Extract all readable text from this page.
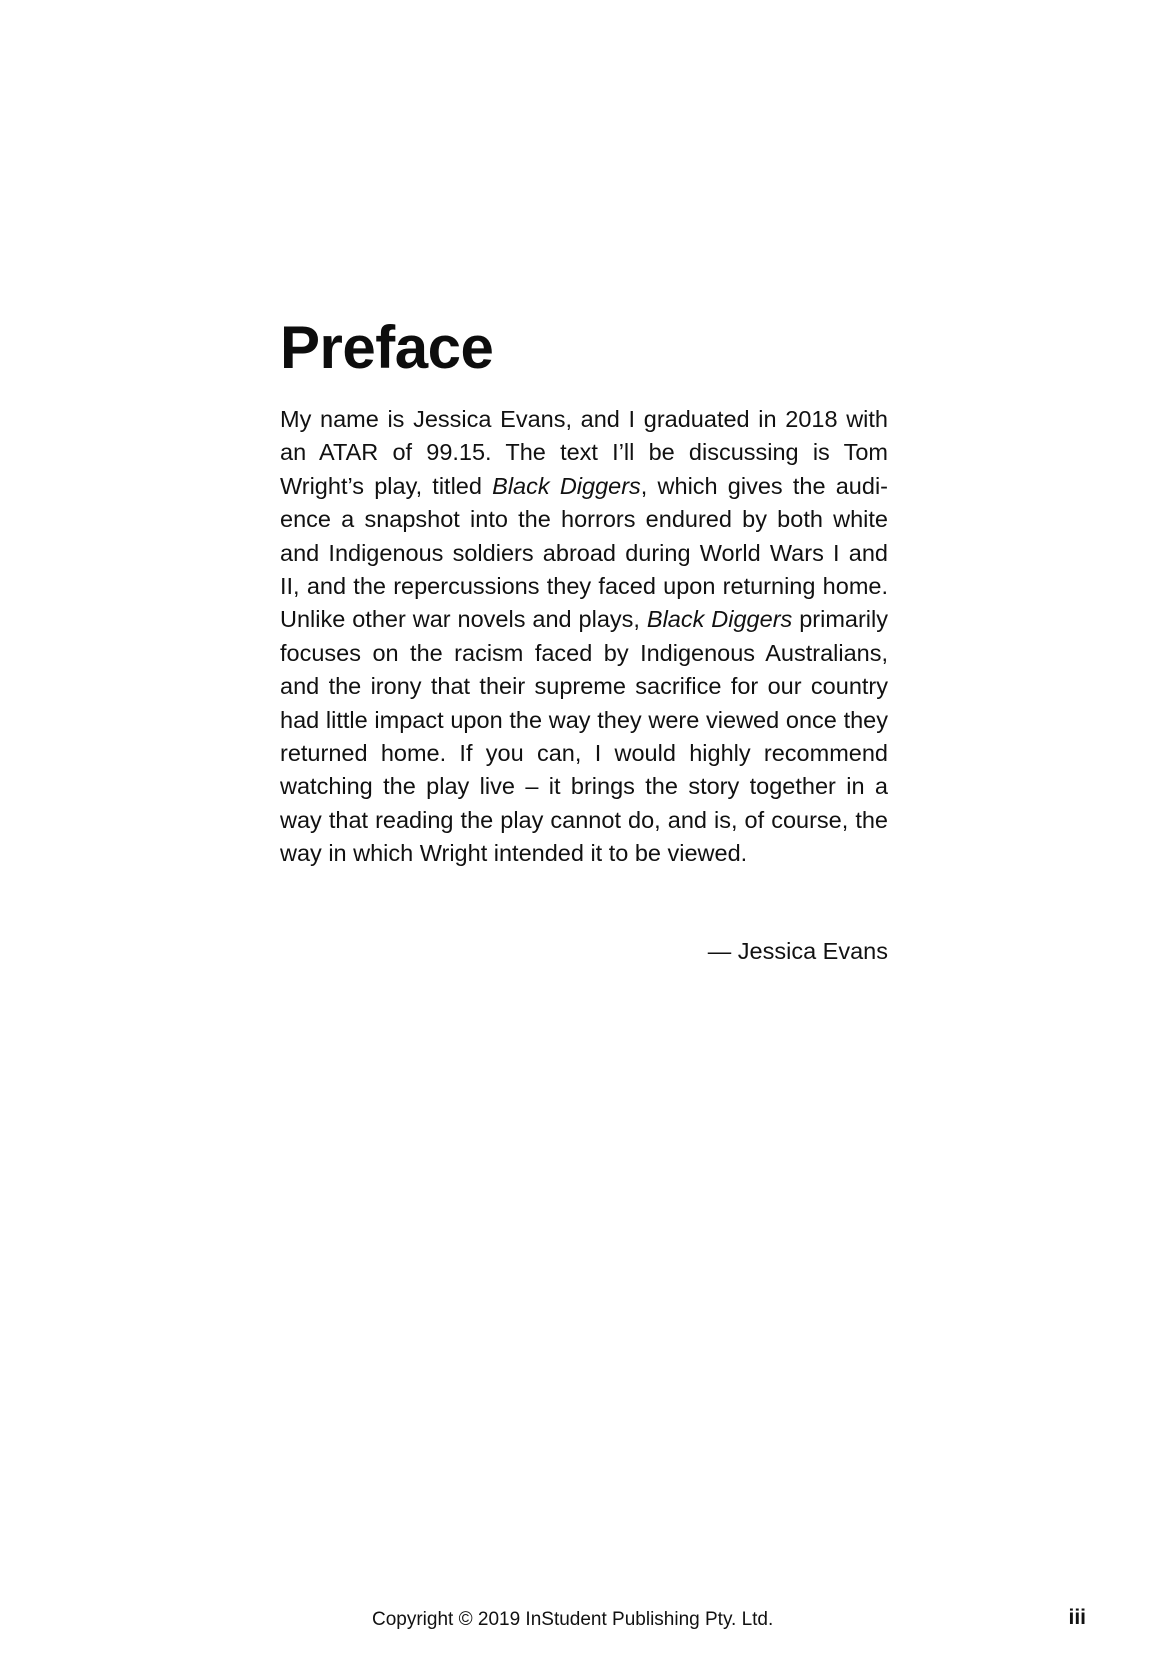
Preface

My name is Jessica Evans, and I graduated in 2018 with an ATAR of 99.15. The text I’ll be discussing is Tom Wright’s play, titled Black Diggers, which gives the audience a snapshot into the horrors endured by both white and Indigenous soldiers abroad during World Wars I and II, and the repercussions they faced upon returning home. Unlike other war novels and plays, Black Diggers primarily focuses on the racism faced by Indigenous Australians, and the irony that their supreme sacrifice for our country had little impact upon the way they were viewed once they returned home. If you can, I would highly recommend watching the play live – it brings the story together in a way that reading the play cannot do, and is, of course, the way in which Wright intended it to be viewed.

— Jessica Evans

Copyright © 2019 InStudent Publishing Pty. Ltd.	iii
